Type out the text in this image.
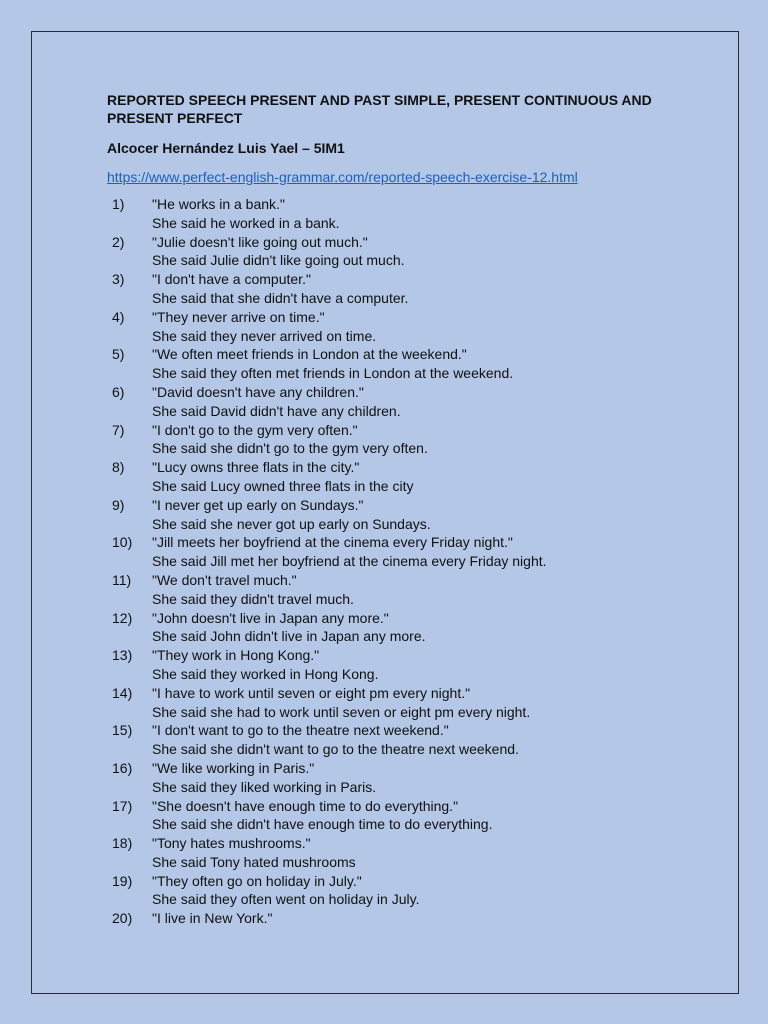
REPORTED SPEECH PRESENT AND PAST SIMPLE, PRESENT CONTINUOUS AND PRESENT PERFECT

Alcocer Hernández Luis Yael – 5IM1

https://www.perfect-english-grammar.com/reported-speech-exercise-12.html
1)	"He works in a bank."
She said he worked in a bank.
2)	"Julie doesn't like going out much."
She said Julie didn't like going out much.
3)	"I don't have a computer."
She said that she didn't have a computer.
4)	"They never arrive on time."
She said they never arrived on time.
5)	"We often meet friends in London at the weekend."
She said they often met friends in London at the weekend.
6)	"David doesn't have any children."
She said David didn't have any children.
7)	"I don't go to the gym very often."
She said she didn't go to the gym very often.
8)	"Lucy owns three flats in the city."
She said Lucy owned three flats in the city
9)	"I never get up early on Sundays."
She said she never got up early on Sundays.
10)	"Jill meets her boyfriend at the cinema every Friday night."
She said Jill met her boyfriend at the cinema every Friday night.
11)	"We don't travel much."
She said they didn't travel much.
12)	"John doesn't live in Japan any more."
She said John didn't live in Japan any more.
13)	"They work in Hong Kong."
She said they worked in Hong Kong.
14)	"I have to work until seven or eight pm every night."
She said she had to work until seven or eight pm every night.
15)	"I don't want to go to the theatre next weekend."
She said she didn't want to go to the theatre next weekend.
16)	"We like working in Paris."
She said they liked working in Paris.
17)	"She doesn't have enough time to do everything."
She said she didn't have enough time to do everything.
18)	"Tony hates mushrooms."
She said Tony hated mushrooms
19)	"They often go on holiday in July."
She said they often went on holiday in July.
20)	"I live in New York."
